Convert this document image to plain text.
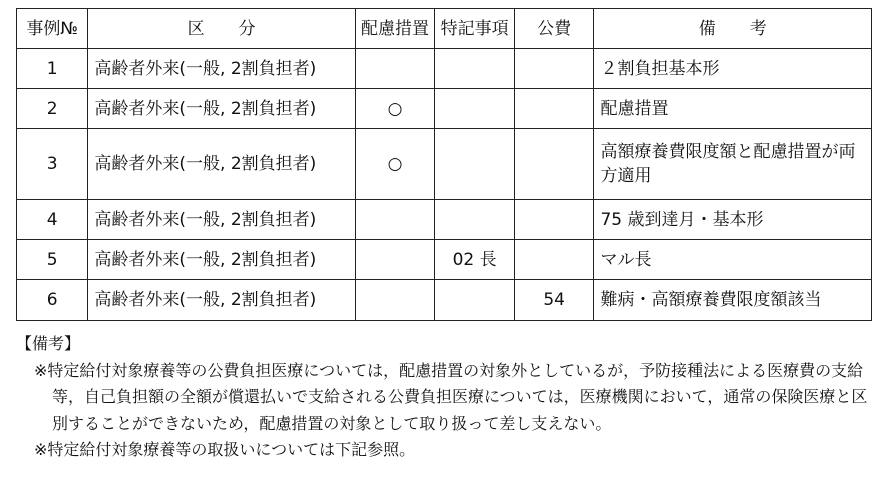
事例№	区　　分	配慮措置	特記事項	公費	備　　考
1	高齢者外来(一般, 2割負担者)				２割負担基本形
2	高齢者外来(一般, 2割負担者)	○			配慮措置
3	高齢者外来(一般, 2割負担者)	○			高額療養費限度額と配慮措置が両方適用
4	高齢者外来(一般, 2割負担者)				75 歳到達月・基本形
5	高齢者外来(一般, 2割負担者)		02 長		マル長
6	高齢者外来(一般, 2割負担者)			54	難病・高額療養費限度額該当

【備考】

※特定給付対象療養等の公費負担医療については，配慮措置の対象外としているが，予防接種法による医療費の支給等，自己負担額の全額が償還払いで支給される公費負担医療については，医療機関において，通常の保険医療と区別することができないため，配慮措置の対象として取り扱って差し支えない。

※特定給付対象療養等の取扱いについては下記参照。
